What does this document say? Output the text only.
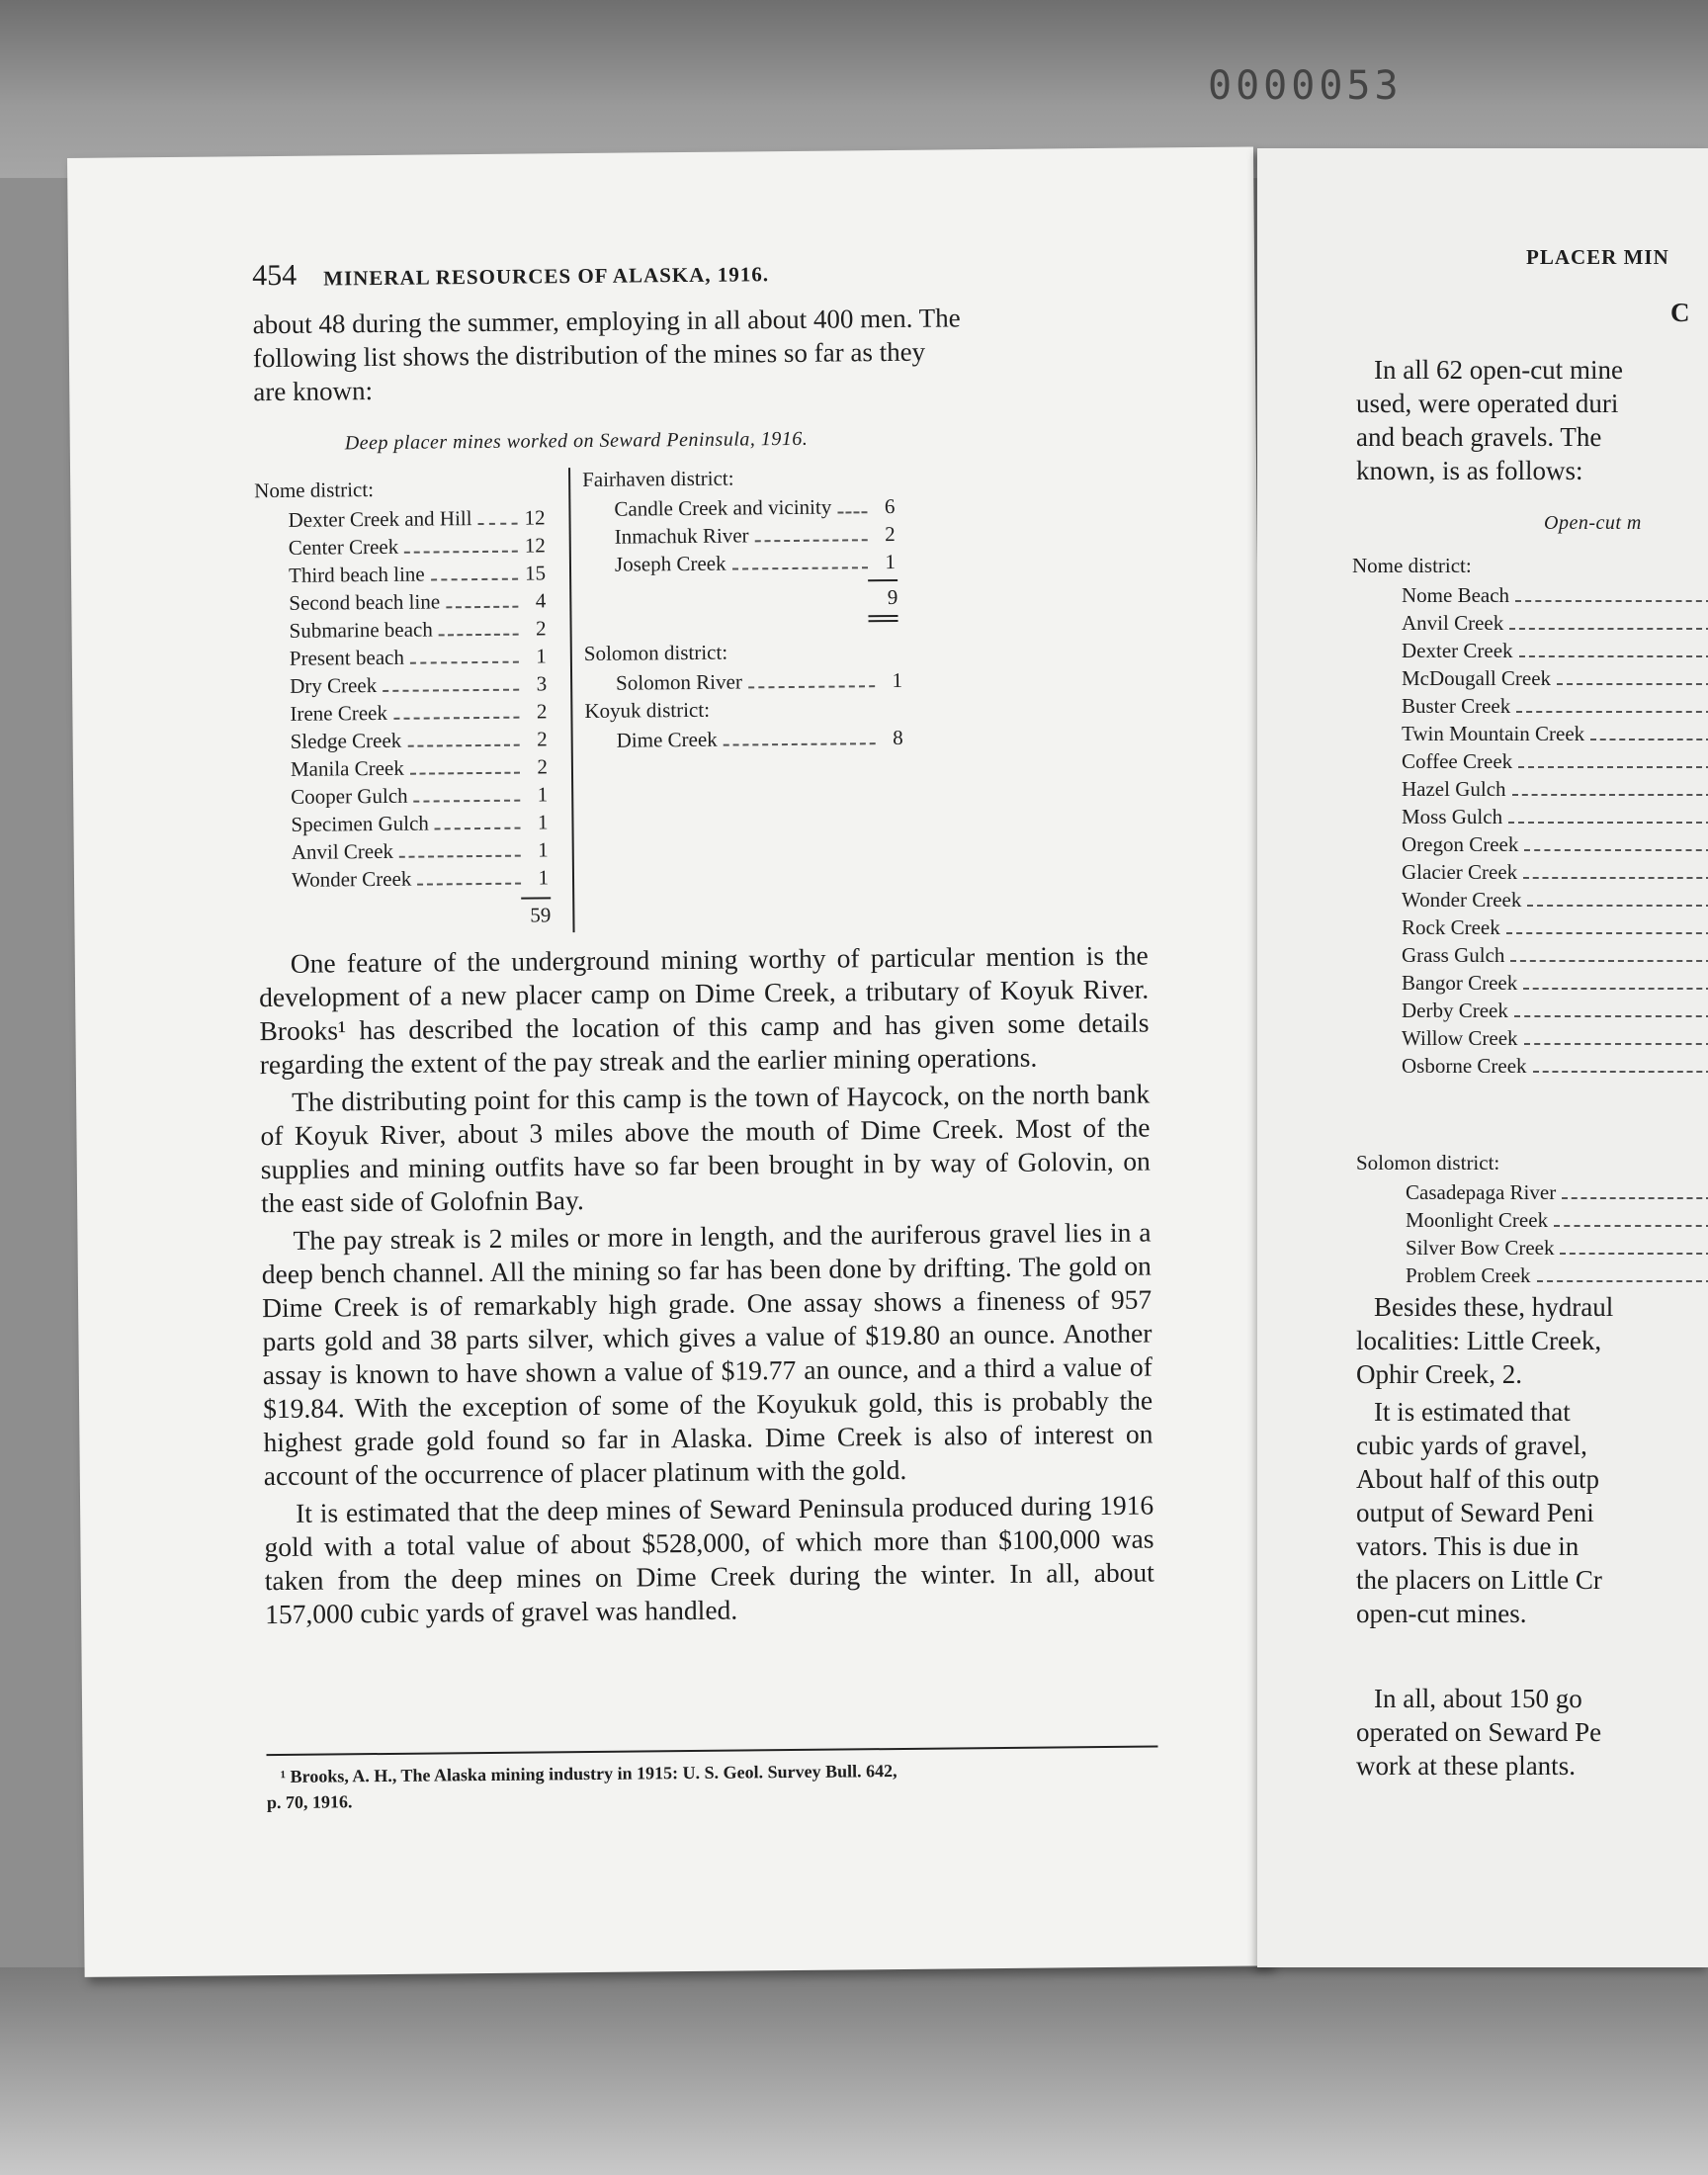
0000053
454 MINERAL RESOURCES OF ALASKA, 1916.
about 48 during the summer, employing in all about 400 men. The
following list shows the distribution of the mines so far as they
are known:
Deep placer mines worked on Seward Peninsula, 1916.
Nome district:
Dexter Creek and Hill	12
Center Creek	12
Third beach line	15
Second beach line	4
Submarine beach	2
Present beach	1
Dry Creek	3
Irene Creek	2
Sledge Creek	2
Manila Creek	2
Cooper Gulch	1
Specimen Gulch	1
Anvil Creek	1
Wonder Creek	1
59
Fairhaven district:
Candle Creek and vicinity	6
Inmachuk River	2
Joseph Creek	1
9
Solomon district:
Solomon River	1
Koyuk district:
Dime Creek	8

One feature of the underground mining worthy of particular mention is the development of a new placer camp on Dime Creek, a tributary of Koyuk River. Brooks¹ has described the location of this camp and has given some details regarding the extent of the pay streak and the earlier mining operations.

The distributing point for this camp is the town of Haycock, on the north bank of Koyuk River, about 3 miles above the mouth of Dime Creek. Most of the supplies and mining outfits have so far been brought in by way of Golovin, on the east side of Golofnin Bay.

The pay streak is 2 miles or more in length, and the auriferous gravel lies in a deep bench channel. All the mining so far has been done by drifting. The gold on Dime Creek is of remarkably high grade. One assay shows a fineness of 957 parts gold and 38 parts silver, which gives a value of $19.80 an ounce. Another assay is known to have shown a value of $19.77 an ounce, and a third a value of $19.84. With the exception of some of the Koyukuk gold, this is probably the highest grade gold found so far in Alaska. Dime Creek is also of interest on account of the occurrence of placer platinum with the gold.

It is estimated that the deep mines of Seward Peninsula produced during 1916 gold with a total value of about $528,000, of which more than $100,000 was taken from the deep mines on Dime Creek during the winter. In all, about 157,000 cubic yards of gravel was handled.

¹ Brooks, A. H., The Alaska mining industry in 1915: U. S. Geol. Survey Bull. 642,
p. 70, 1916.
PLACER MIN
C
In all 62 open-cut mine
used, were operated duri
and beach gravels. The
known, is as follows:
Open-cut m
Nome district:
Nome Beach
Anvil Creek
Dexter Creek
McDougall Creek
Buster Creek
Twin Mountain Creek
Coffee Creek
Hazel Gulch
Moss Gulch
Oregon Creek
Glacier Creek
Wonder Creek
Rock Creek
Grass Gulch
Bangor Creek
Derby Creek
Willow Creek
Osborne Creek
Solomon district:
Casadepaga River
Moonlight Creek
Silver Bow Creek
Problem Creek
Besides these, hydraul
localities: Little Creek,
Ophir Creek, 2.
It is estimated that
cubic yards of gravel,
About half of this outp
output of Seward Peni
vators. This is due in
the placers on Little Cr
open-cut mines.
In all, about 150 go
operated on Seward Pe
work at these plants.
